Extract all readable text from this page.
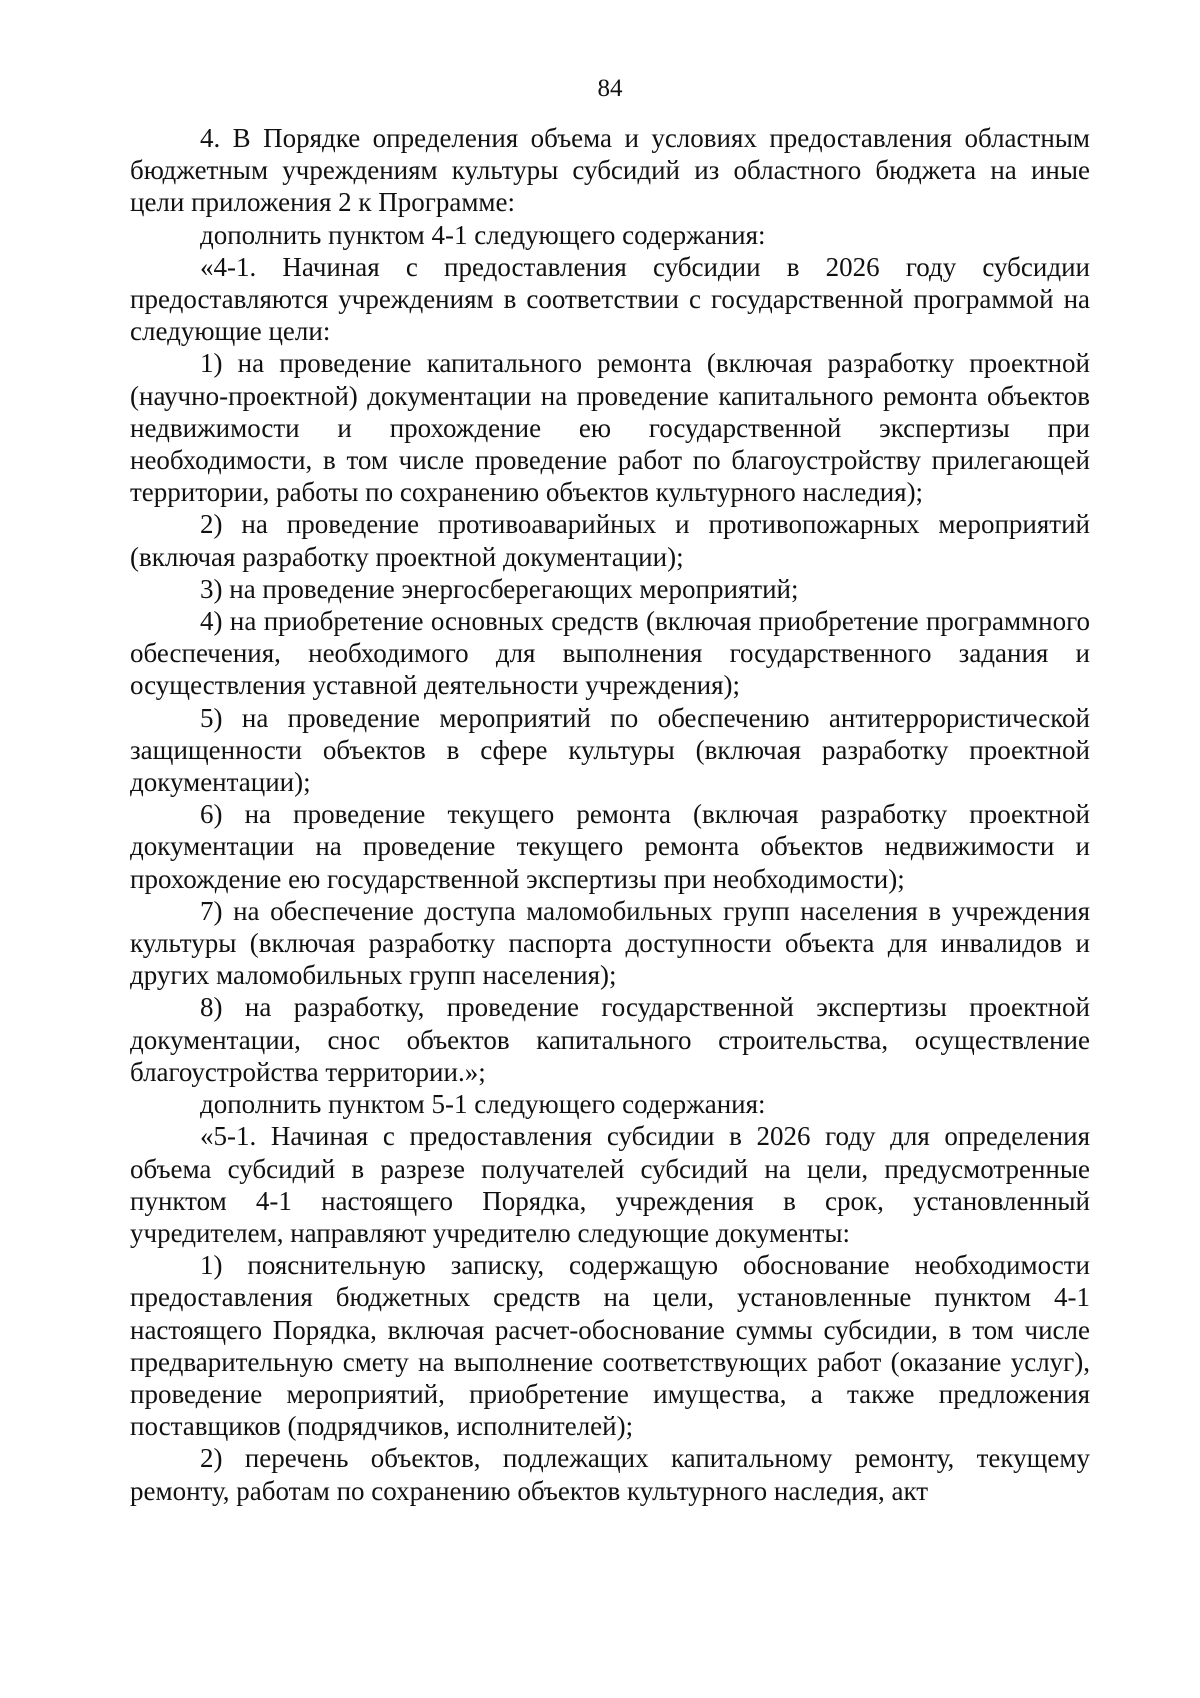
84

4. В Порядке определения объема и условиях предоставления областным бюджетным учреждениям культуры субсидий из областного бюджета на иные цели приложения 2 к Программе:

дополнить пунктом 4-1 следующего содержания:

«4-1. Начиная с предоставления субсидии в 2026 году субсидии предоставляются учреждениям в соответствии с государственной программой на следующие цели:

1) на проведение капитального ремонта (включая разработку проектной (научно-проектной) документации на проведение капитального ремонта объектов недвижимости и прохождение ею государственной экспертизы при необходимости, в том числе проведение работ по благоустройству прилегающей территории, работы по сохранению объектов культурного наследия);

2) на проведение противоаварийных и противопожарных мероприятий (включая разработку проектной документации);

3) на проведение энергосберегающих мероприятий;

4) на приобретение основных средств (включая приобретение программного обеспечения, необходимого для выполнения государственного задания и осуществления уставной деятельности учреждения);

5) на проведение мероприятий по обеспечению антитеррористической защищенности объектов в сфере культуры (включая разработку проектной документации);

6) на проведение текущего ремонта (включая разработку проектной документации на проведение текущего ремонта объектов недвижимости и прохождение ею государственной экспертизы при необходимости);

7) на обеспечение доступа маломобильных групп населения в учреждения культуры (включая разработку паспорта доступности объекта для инвалидов и других маломобильных групп населения);

8) на разработку, проведение государственной экспертизы проектной документации, снос объектов капитального строительства, осуществление благоустройства территории.»;

дополнить пунктом 5-1 следующего содержания:

«5-1. Начиная с предоставления субсидии в 2026 году для определения объема субсидий в разрезе получателей субсидий на цели, предусмотренные пунктом 4-1 настоящего Порядка, учреждения в срок, установленный учредителем, направляют учредителю следующие документы:

1) пояснительную записку, содержащую обоснование необходимости предоставления бюджетных средств на цели, установленные пунктом 4-1 настоящего Порядка, включая расчет-обоснование суммы субсидии, в том числе предварительную смету на выполнение соответствующих работ (оказание услуг), проведение мероприятий, приобретение имущества, а также предложения поставщиков (подрядчиков, исполнителей);

2) перечень объектов, подлежащих капитальному ремонту, текущему ремонту, работам по сохранению объектов культурного наследия, акт
